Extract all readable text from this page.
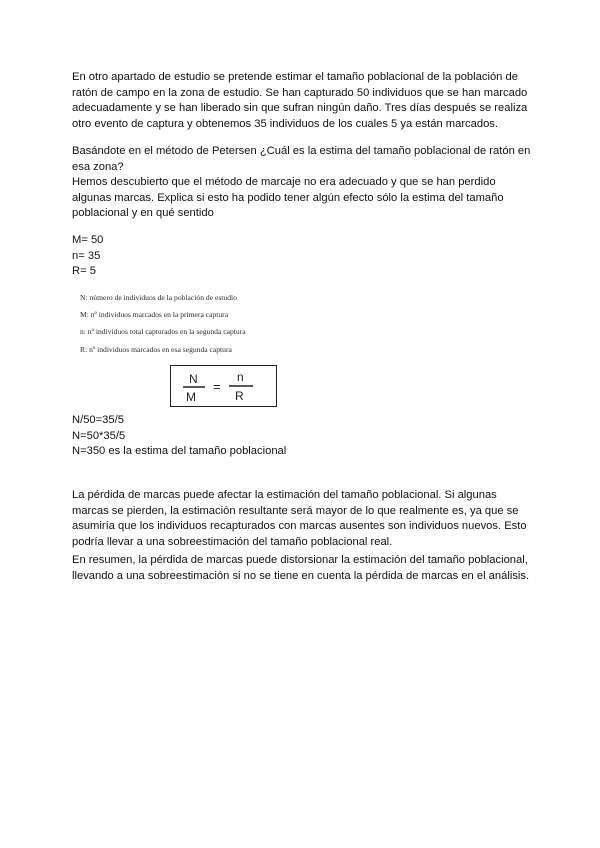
En otro apartado de estudio se pretende estimar el tamaño poblacional de la población de
ratón de campo en la zona de estudio. Se han capturado 50 individuos que se han marcado
adecuadamente y se han liberado sin que sufran ningún daño. Tres días después se realiza
otro evento de captura y obtenemos 35 individuos de los cuales 5 ya están marcados.
Basándote en el método de Petersen ¿Cuál es la estima del tamaño poblacional de ratón en
esa zona?
Hemos descubierto que el método de marcaje no era adecuado y que se han perdido
algunas marcas. Explica si esto ha podido tener algún efecto sólo la estima del tamaño
poblacional y en qué sentido
M= 50
n= 35
R= 5

N: número de individuos de la población de estudio

M: nº individuos marcados en la primera captura

n: nº individuos total capturados en la segunda captura

R: nº individuos marcados en esa segunda captura

N
M
=
n
R
N/50=35/5
N=50*35/5
N=350 es la estima del tamaño poblacional
La pérdida de marcas puede afectar la estimación del tamaño poblacional. Si algunas
marcas se pierden, la estimación resultante será mayor de lo que realmente es, ya que se
asumiría que los individuos recapturados con marcas ausentes son individuos nuevos. Esto
podría llevar a una sobreestimación del tamaño poblacional real.
En resumen, la pérdida de marcas puede distorsionar la estimación del tamaño poblacional,
llevando a una sobreestimación si no se tiene en cuenta la pérdida de marcas en el análisis.
